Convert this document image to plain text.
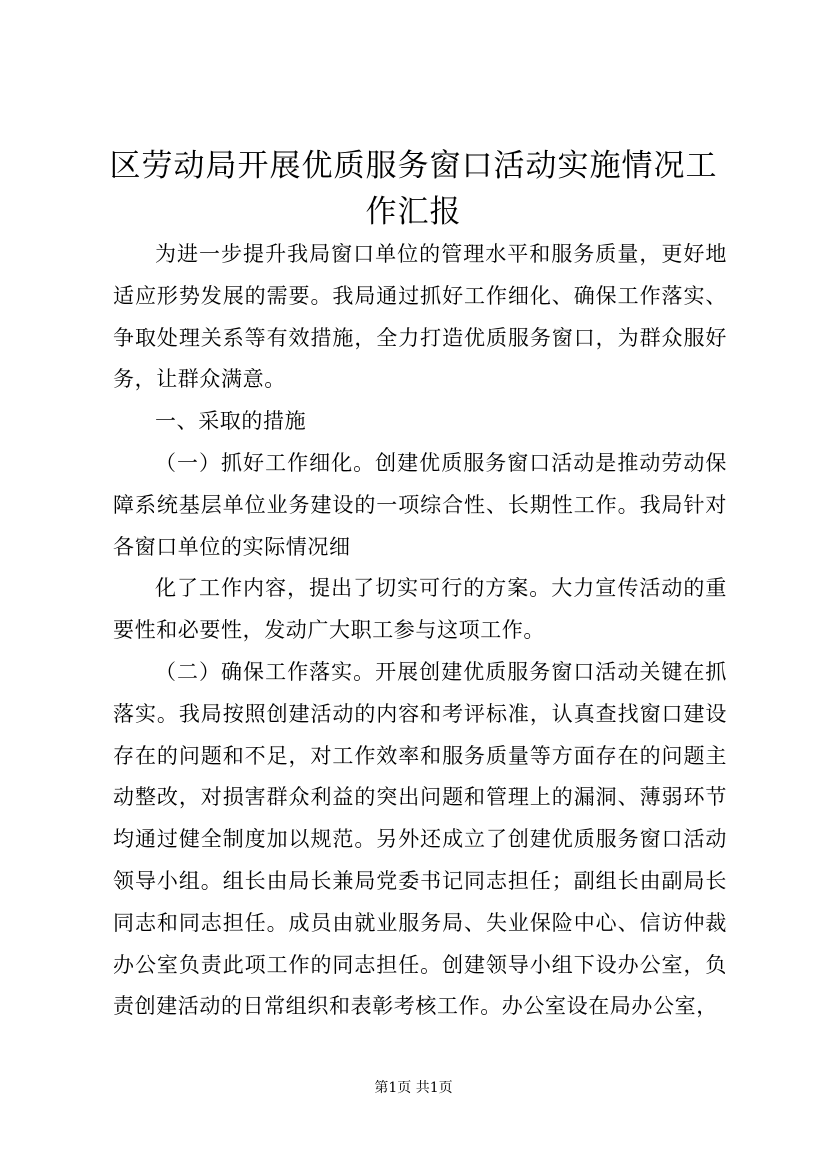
区劳动局开展优质服务窗口活动实施情况工作汇报

为进一步提升我局窗口单位的管理水平和服务质量，更好地适应形势发展的需要。我局通过抓好工作细化、确保工作落实、争取处理关系等有效措施，全力打造优质服务窗口，为群众服好务，让群众满意。

一、采取的措施

（一）抓好工作细化。创建优质服务窗口活动是推动劳动保障系统基层单位业务建设的一项综合性、长期性工作。我局针对各窗口单位的实际情况细

化了工作内容，提出了切实可行的方案。大力宣传活动的重要性和必要性，发动广大职工参与这项工作。

（二）确保工作落实。开展创建优质服务窗口活动关键在抓落实。我局按照创建活动的内容和考评标准，认真查找窗口建设存在的问题和不足，对工作效率和服务质量等方面存在的问题主动整改，对损害群众利益的突出问题和管理上的漏洞、薄弱环节均通过健全制度加以规范。另外还成立了创建优质服务窗口活动领导小组。组长由局长兼局党委书记同志担任；副组长由副局长同志和同志担任。成员由就业服务局、失业保险中心、信访仲裁办公室负责此项工作的同志担任。创建领导小组下设办公室，负责创建活动的日常组织和表彰考核工作。办公室设在局办公室，

第1页 共1页
